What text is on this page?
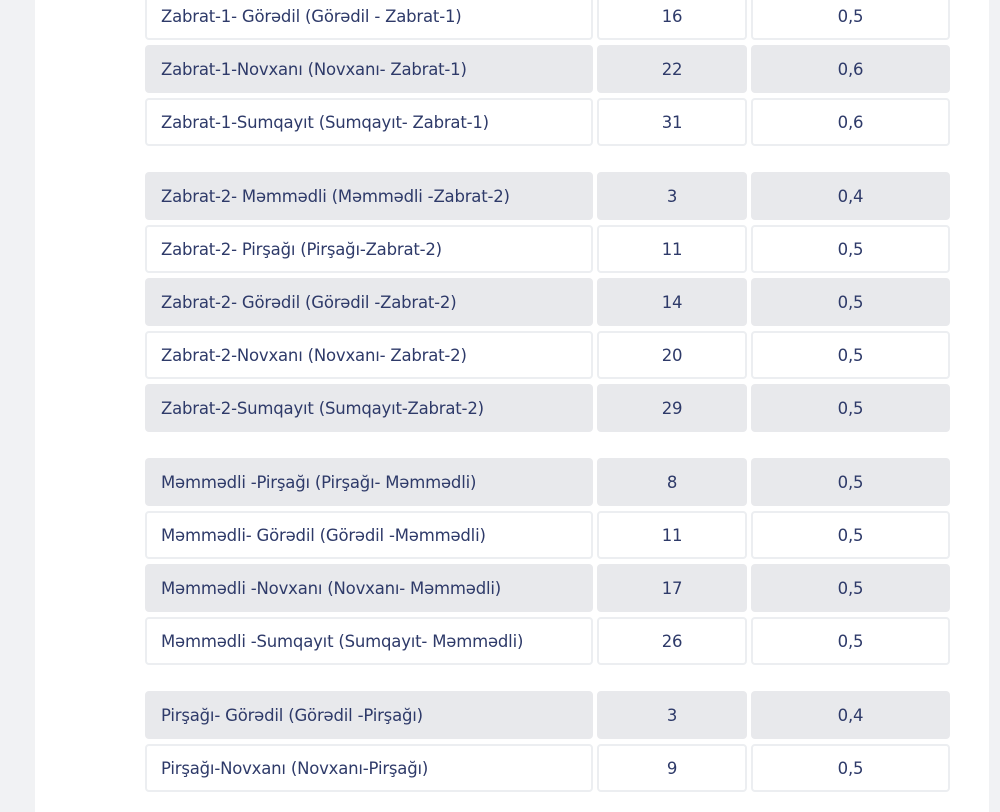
Zabrat-1- Görədil (Görədil - Zabrat-1)	16	0,5
Zabrat-1-Novxanı (Novxanı- Zabrat-1)	22	0,6
Zabrat-1-Sumqayıt (Sumqayıt- Zabrat-1)	31	0,6
Zabrat-2- Məmmədli (Məmmədli -Zabrat-2)	3	0,4
Zabrat-2- Pirşağı (Pirşağı-Zabrat-2)	11	0,5
Zabrat-2- Görədil (Görədil -Zabrat-2)	14	0,5
Zabrat-2-Novxanı (Novxanı- Zabrat-2)	20	0,5
Zabrat-2-Sumqayıt (Sumqayıt-Zabrat-2)	29	0,5
Məmmədli -Pirşağı (Pirşağı- Məmmədli)	8	0,5
Məmmədli- Görədil (Görədil -Məmmədli)	11	0,5
Məmmədli -Novxanı (Novxanı- Məmmədli)	17	0,5
Məmmədli -Sumqayıt (Sumqayıt- Məmmədli)	26	0,5
Pirşağı- Görədil (Görədil -Pirşağı)	3	0,4
Pirşağı-Novxanı (Novxanı-Pirşağı)	9	0,5
